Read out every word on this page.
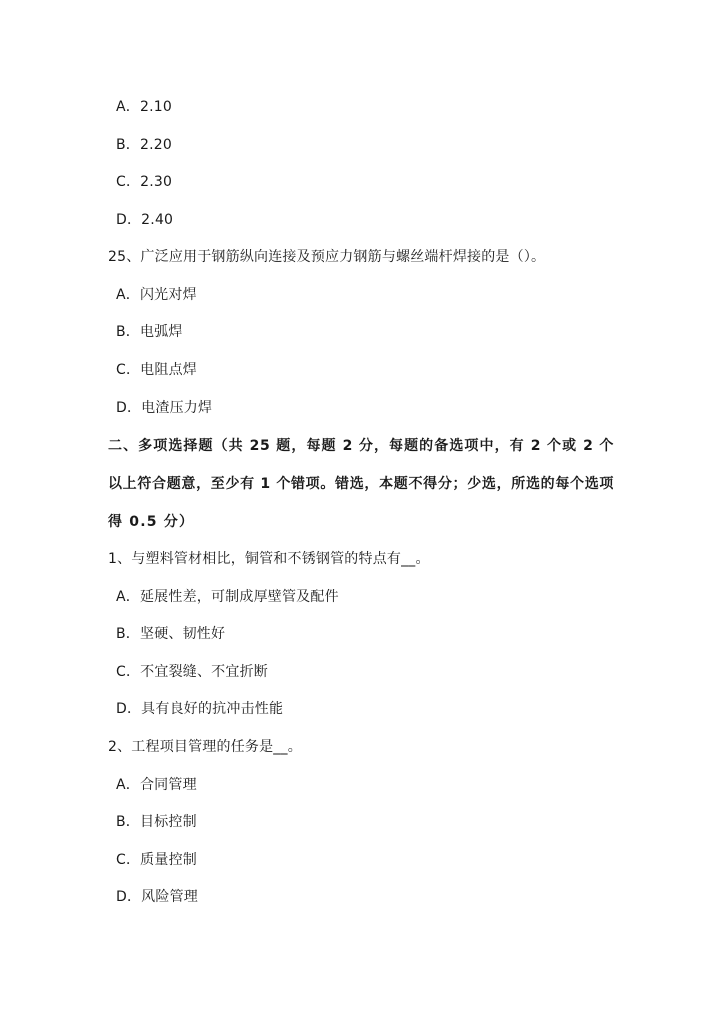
A．2.10
B．2.20
C．2.30
D．2.40
25、广泛应用于钢筋纵向连接及预应力钢筋与螺丝端杆焊接的是（）。
A．闪光对焊
B．电弧焊
C．电阻点焊
D．电渣压力焊
二、多项选择题（共 25 题，每题 2 分，每题的备选项中，有 2 个或 2 个
以上符合题意，至少有 1 个错项。错选，本题不得分；少选，所选的每个选项
得 0.5 分）
1、与塑料管材相比，铜管和不锈钢管的特点有__。
A．延展性差，可制成厚壁管及配件
B．坚硬、韧性好
C．不宜裂缝、不宜折断
D．具有良好的抗冲击性能
2、工程项目管理的任务是__。
A．合同管理
B．目标控制
C．质量控制
D．风险管理
